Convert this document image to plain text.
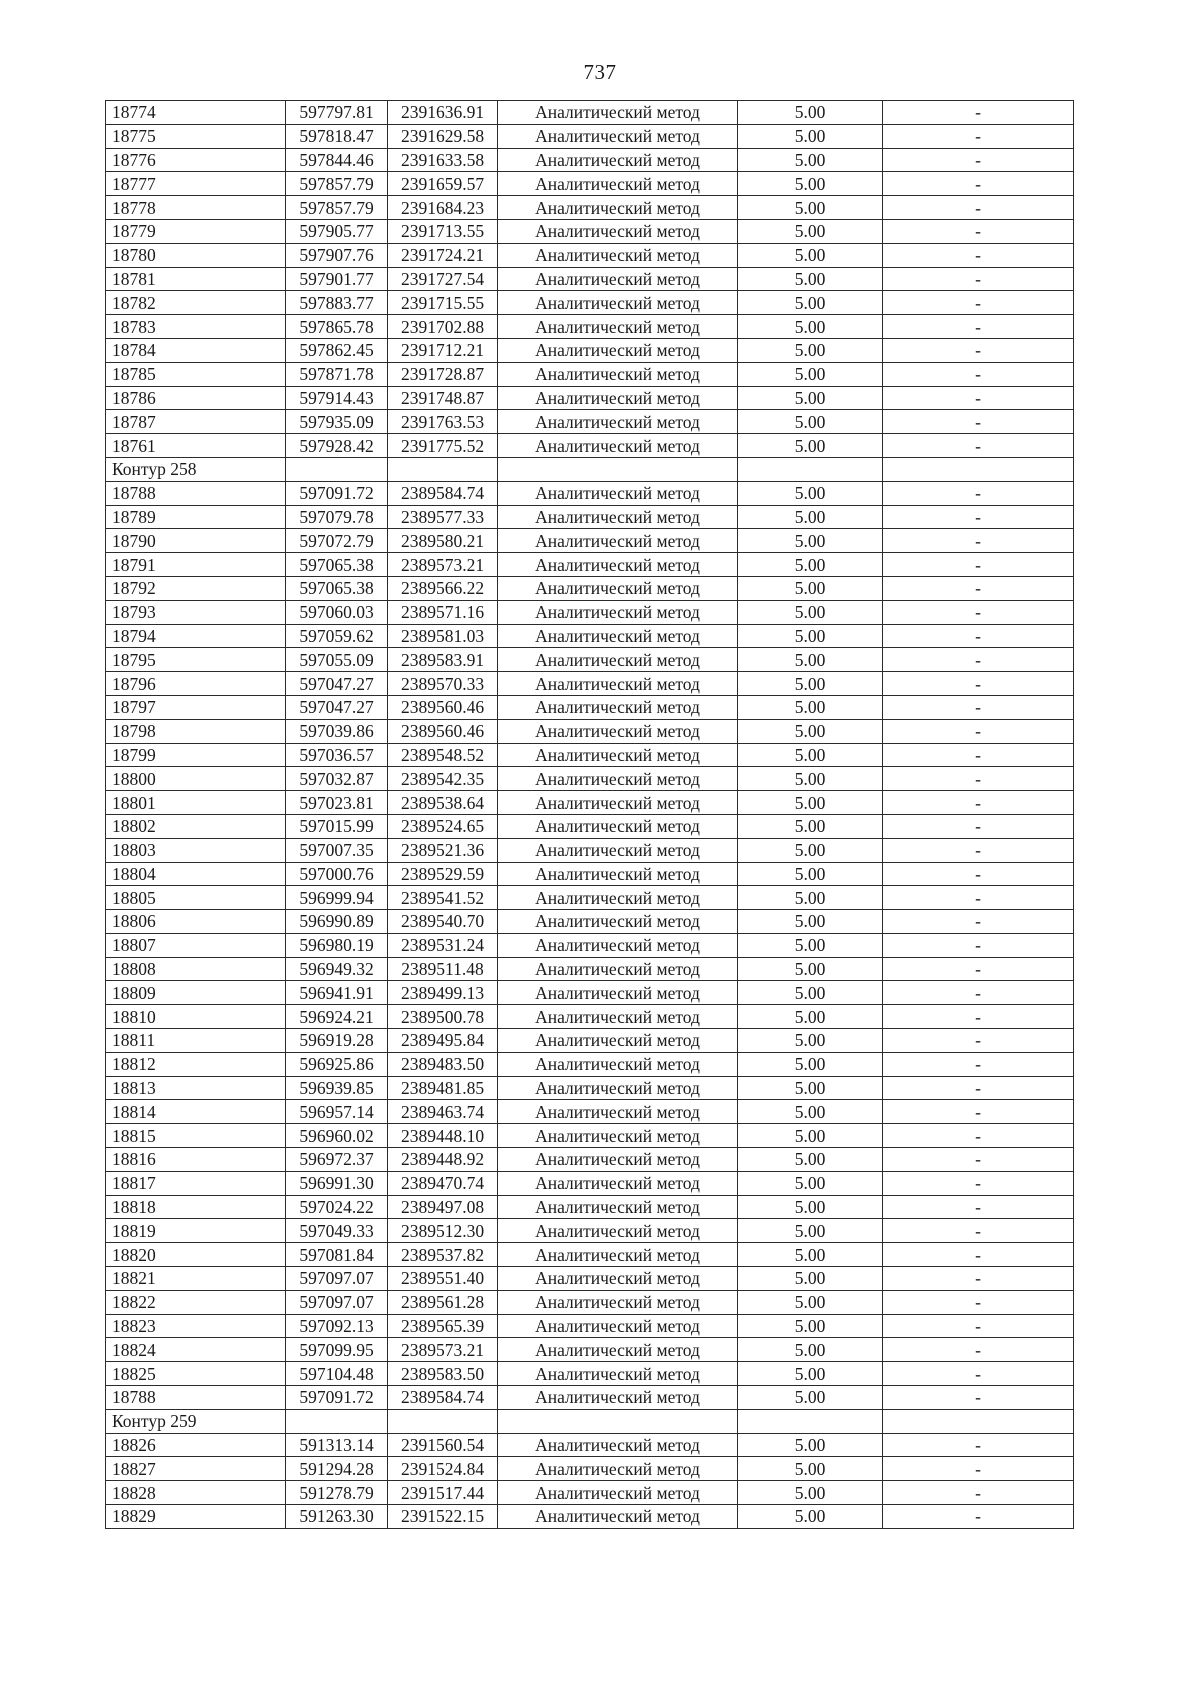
737
18774	597797.81	2391636.91	Аналитический метод	5.00	-
18775	597818.47	2391629.58	Аналитический метод	5.00	-
18776	597844.46	2391633.58	Аналитический метод	5.00	-
18777	597857.79	2391659.57	Аналитический метод	5.00	-
18778	597857.79	2391684.23	Аналитический метод	5.00	-
18779	597905.77	2391713.55	Аналитический метод	5.00	-
18780	597907.76	2391724.21	Аналитический метод	5.00	-
18781	597901.77	2391727.54	Аналитический метод	5.00	-
18782	597883.77	2391715.55	Аналитический метод	5.00	-
18783	597865.78	2391702.88	Аналитический метод	5.00	-
18784	597862.45	2391712.21	Аналитический метод	5.00	-
18785	597871.78	2391728.87	Аналитический метод	5.00	-
18786	597914.43	2391748.87	Аналитический метод	5.00	-
18787	597935.09	2391763.53	Аналитический метод	5.00	-
18761	597928.42	2391775.52	Аналитический метод	5.00	-
Контур 258					
18788	597091.72	2389584.74	Аналитический метод	5.00	-
18789	597079.78	2389577.33	Аналитический метод	5.00	-
18790	597072.79	2389580.21	Аналитический метод	5.00	-
18791	597065.38	2389573.21	Аналитический метод	5.00	-
18792	597065.38	2389566.22	Аналитический метод	5.00	-
18793	597060.03	2389571.16	Аналитический метод	5.00	-
18794	597059.62	2389581.03	Аналитический метод	5.00	-
18795	597055.09	2389583.91	Аналитический метод	5.00	-
18796	597047.27	2389570.33	Аналитический метод	5.00	-
18797	597047.27	2389560.46	Аналитический метод	5.00	-
18798	597039.86	2389560.46	Аналитический метод	5.00	-
18799	597036.57	2389548.52	Аналитический метод	5.00	-
18800	597032.87	2389542.35	Аналитический метод	5.00	-
18801	597023.81	2389538.64	Аналитический метод	5.00	-
18802	597015.99	2389524.65	Аналитический метод	5.00	-
18803	597007.35	2389521.36	Аналитический метод	5.00	-
18804	597000.76	2389529.59	Аналитический метод	5.00	-
18805	596999.94	2389541.52	Аналитический метод	5.00	-
18806	596990.89	2389540.70	Аналитический метод	5.00	-
18807	596980.19	2389531.24	Аналитический метод	5.00	-
18808	596949.32	2389511.48	Аналитический метод	5.00	-
18809	596941.91	2389499.13	Аналитический метод	5.00	-
18810	596924.21	2389500.78	Аналитический метод	5.00	-
18811	596919.28	2389495.84	Аналитический метод	5.00	-
18812	596925.86	2389483.50	Аналитический метод	5.00	-
18813	596939.85	2389481.85	Аналитический метод	5.00	-
18814	596957.14	2389463.74	Аналитический метод	5.00	-
18815	596960.02	2389448.10	Аналитический метод	5.00	-
18816	596972.37	2389448.92	Аналитический метод	5.00	-
18817	596991.30	2389470.74	Аналитический метод	5.00	-
18818	597024.22	2389497.08	Аналитический метод	5.00	-
18819	597049.33	2389512.30	Аналитический метод	5.00	-
18820	597081.84	2389537.82	Аналитический метод	5.00	-
18821	597097.07	2389551.40	Аналитический метод	5.00	-
18822	597097.07	2389561.28	Аналитический метод	5.00	-
18823	597092.13	2389565.39	Аналитический метод	5.00	-
18824	597099.95	2389573.21	Аналитический метод	5.00	-
18825	597104.48	2389583.50	Аналитический метод	5.00	-
18788	597091.72	2389584.74	Аналитический метод	5.00	-
Контур 259					
18826	591313.14	2391560.54	Аналитический метод	5.00	-
18827	591294.28	2391524.84	Аналитический метод	5.00	-
18828	591278.79	2391517.44	Аналитический метод	5.00	-
18829	591263.30	2391522.15	Аналитический метод	5.00	-
